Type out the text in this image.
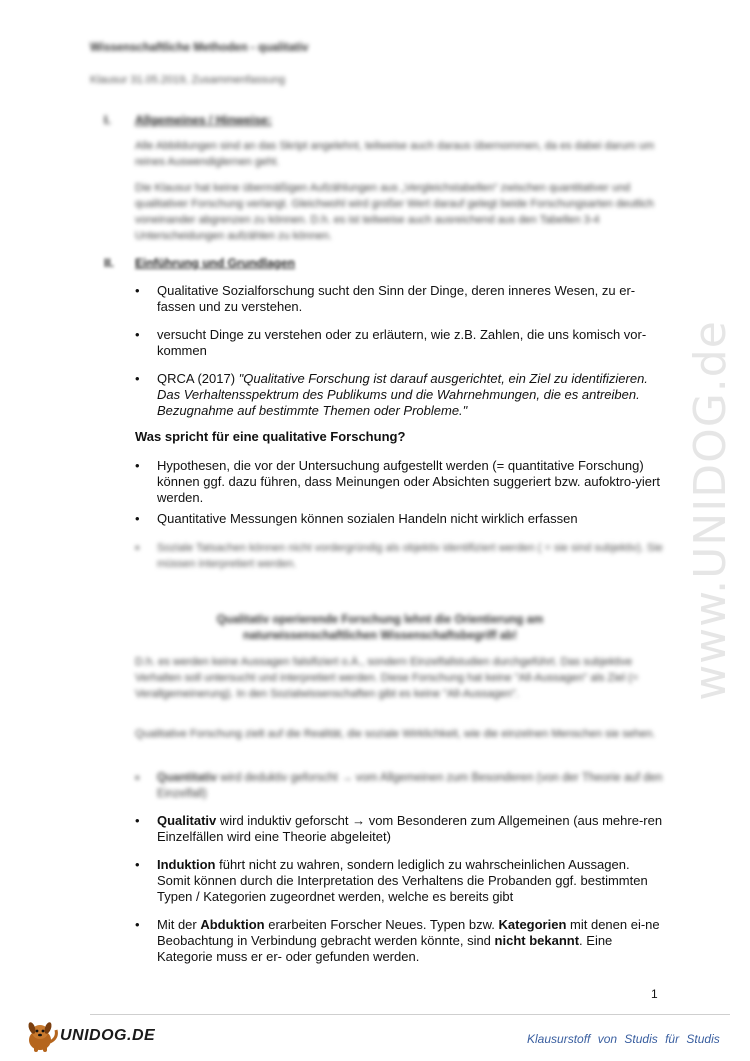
Wissenschaftliche Methoden - qualitativ
Klausur 31.05.2019, Zusammenfassung
I. Allgemeines / Hinweise:
Alle Abbildungen sind an das Skript angelehnt, teilweise auch daraus übernommen, da es dabei darum um reines Auswendiglernen geht.
Die Klausur hat keine übermäßigen Aufzählungen aus „Vergleichstabellen“ zwischen quantitativer und qualitativer Forschung verlangt. Gleichwohl wird großer Wert darauf gelegt beide Forschungsarten deutlich voneinander abgrenzen zu können. D.h. es ist teilweise auch ausreichend aus den Tabellen 3-4 Unterscheidungen aufzählen zu können.
II. Einführung und Grundlagen
• Qualitative Sozialforschung sucht den Sinn der Dinge, deren inneres Wesen, zu er-fassen und zu verstehen.
• versucht Dinge zu verstehen oder zu erläutern, wie z.B. Zahlen, die uns komisch vor-kommen
• QRCA (2017) "Qualitative Forschung ist darauf ausgerichtet, ein Ziel zu identifizieren. Das Verhaltensspektrum des Publikums und die Wahrnehmungen, die es antreiben. Bezugnahme auf bestimmte Themen oder Probleme."
Was spricht für eine qualitative Forschung?
• Hypothesen, die vor der Untersuchung aufgestellt werden (= quantitative Forschung) können ggf. dazu führen, dass Meinungen oder Absichten suggeriert bzw. aufoktro-yiert werden.
• Quantitative Messungen können sozialen Handeln nicht wirklich erfassen
• Soziale Tatsachen können nicht vordergründig als objektiv identifiziert werden ( = sie sind subjektiv). Sie müssen interpretiert werden.
Qualitativ operierende Forschung lehnt die Orientierung am
naturwissenschaftlichen Wissenschaftsbegriff ab!
D.h. es werden keine Aussagen falsifiziert o.Ä., sondern Einzelfallstudien durchgeführt. Das subjektive Verhalten soll untersucht und interpretiert werden. Diese Forschung hat keine "All-Aussagen" als Ziel (= Verallgemeinerung). In den Sozialwissenschaften gibt es keine "All-Aussagen".
Qualitative Forschung zielt auf die Realität, die soziale Wirklichkeit, wie die einzelnen Menschen sie sehen.
• Quantitativ wird deduktiv geforscht → vom Allgemeinen zum Besonderen (von der Theorie auf den Einzelfall)
• Qualitativ wird induktiv geforscht → vom Besonderen zum Allgemeinen (aus mehre-ren Einzelfällen wird eine Theorie abgeleitet)
• Induktion führt nicht zu wahren, sondern lediglich zu wahrscheinlichen Aussagen. Somit können durch die Interpretation des Verhaltens die Probanden ggf. bestimmten Typen / Kategorien zugeordnet werden, welche es bereits gibt
• Mit der Abduktion erarbeiten Forscher Neues. Typen bzw. Kategorien mit denen ei-ne Beobachtung in Verbindung gebracht werden könnte, sind nicht bekannt. Eine Kategorie muss er er- oder gefunden werden.
www.UNIDOG.de
1
UNIDOG.DE	Klausurstoff von Studis für Studis
